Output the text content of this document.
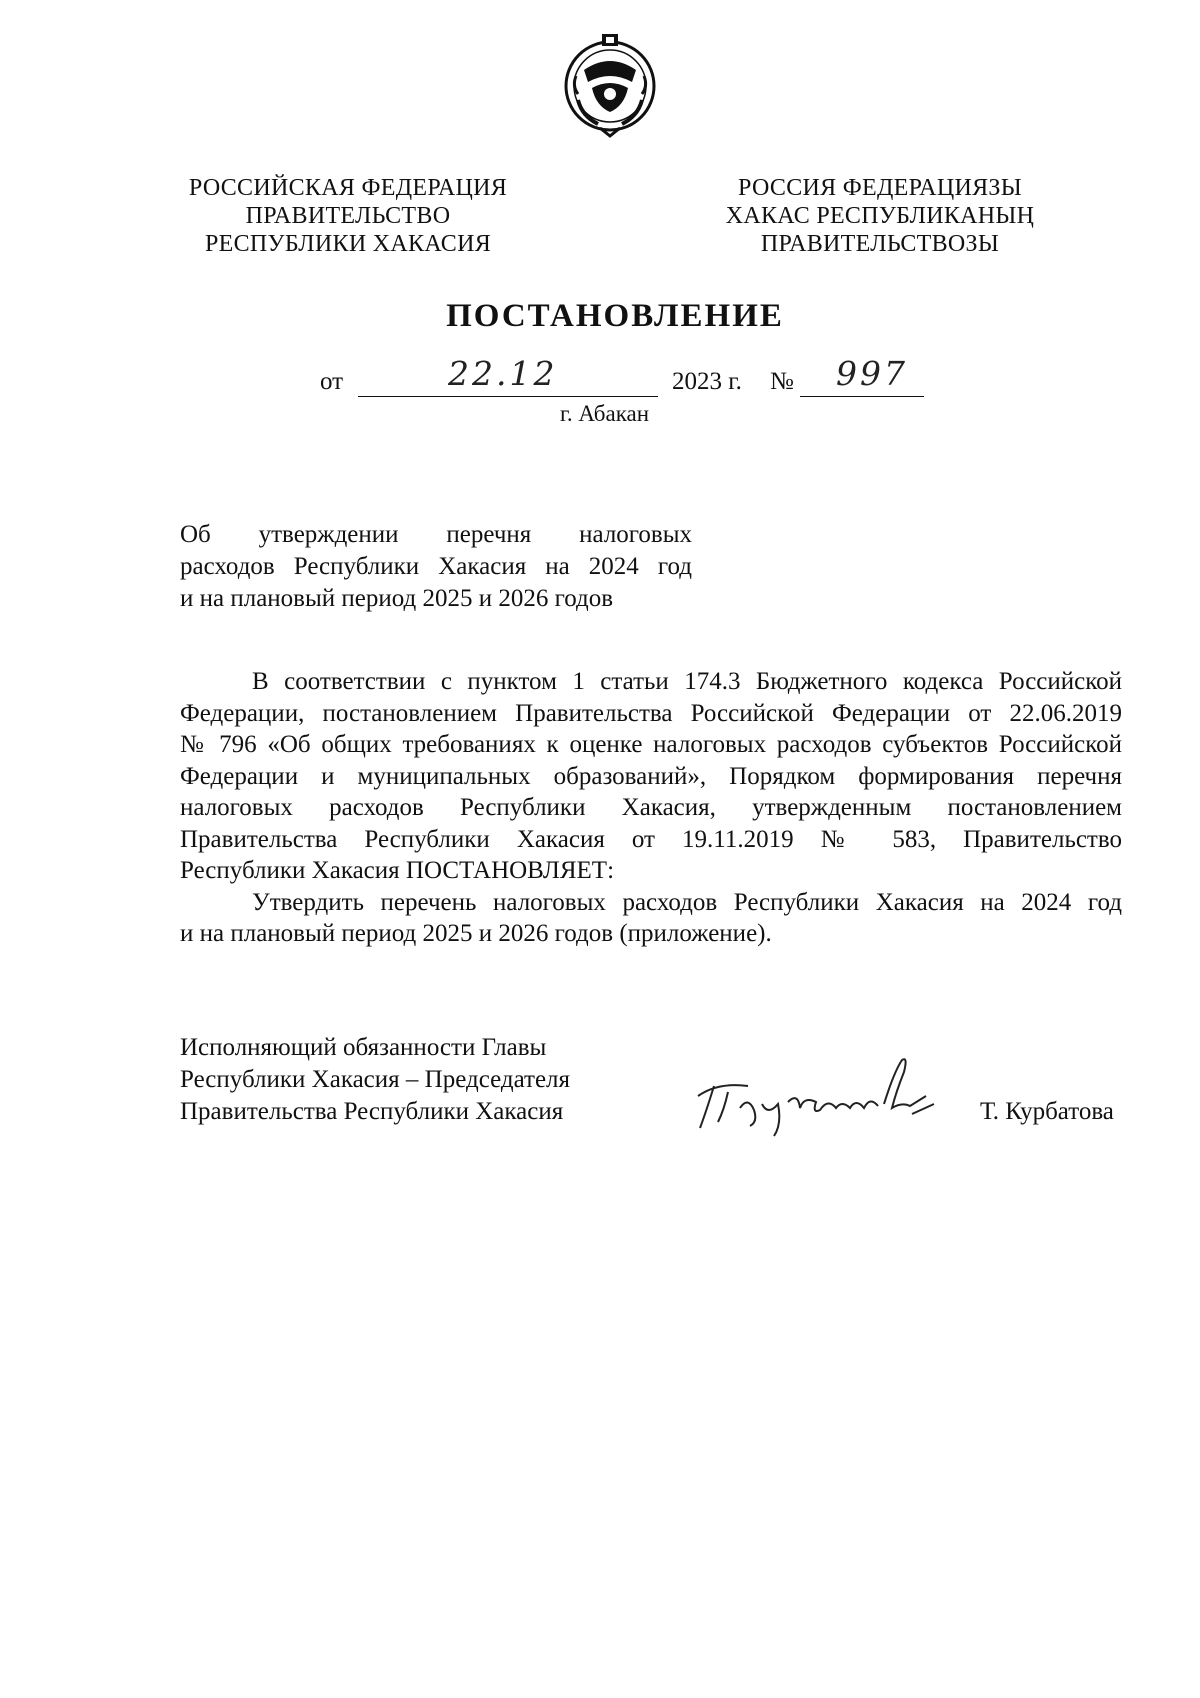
РОССИЙСКАЯ ФЕДЕРАЦИЯ
ПРАВИТЕЛЬСТВО
РЕСПУБЛИКИ ХАКАСИЯ
РОССИЯ ФЕДЕРАЦИЯЗЫ
ХАКАС РЕСПУБЛИКАНЫҢ
ПРАВИТЕЛЬСТВОЗЫ
ПОСТАНОВЛЕНИЕ
от	22.12	2023 г. № 997
г. Абакан
Об утверждении перечня налоговых
расходов Республики Хакасия на 2024 год
и на плановый период 2025 и 2026 годов
В соответствии с пунктом 1 статьи 174.3 Бюджетного кодекса Российской
Федерации, постановлением Правительства Российской Федерации от 22.06.2019
№ 796 «Об общих требованиях к оценке налоговых расходов субъектов Российской
Федерации и муниципальных образований», Порядком формирования перечня
налоговых расходов Республики Хакасия, утвержденным постановлением
Правительства Республики Хакасия от 19.11.2019 № 583, Правительство
Республики Хакасия ПОСТАНОВЛЯЕТ:
Утвердить перечень налоговых расходов Республики Хакасия на 2024 год
и на плановый период 2025 и 2026 годов (приложение).
Исполняющий обязанности Главы
Республики Хакасия – Председателя
Правительства Республики Хакасия	Т. Курбатова
